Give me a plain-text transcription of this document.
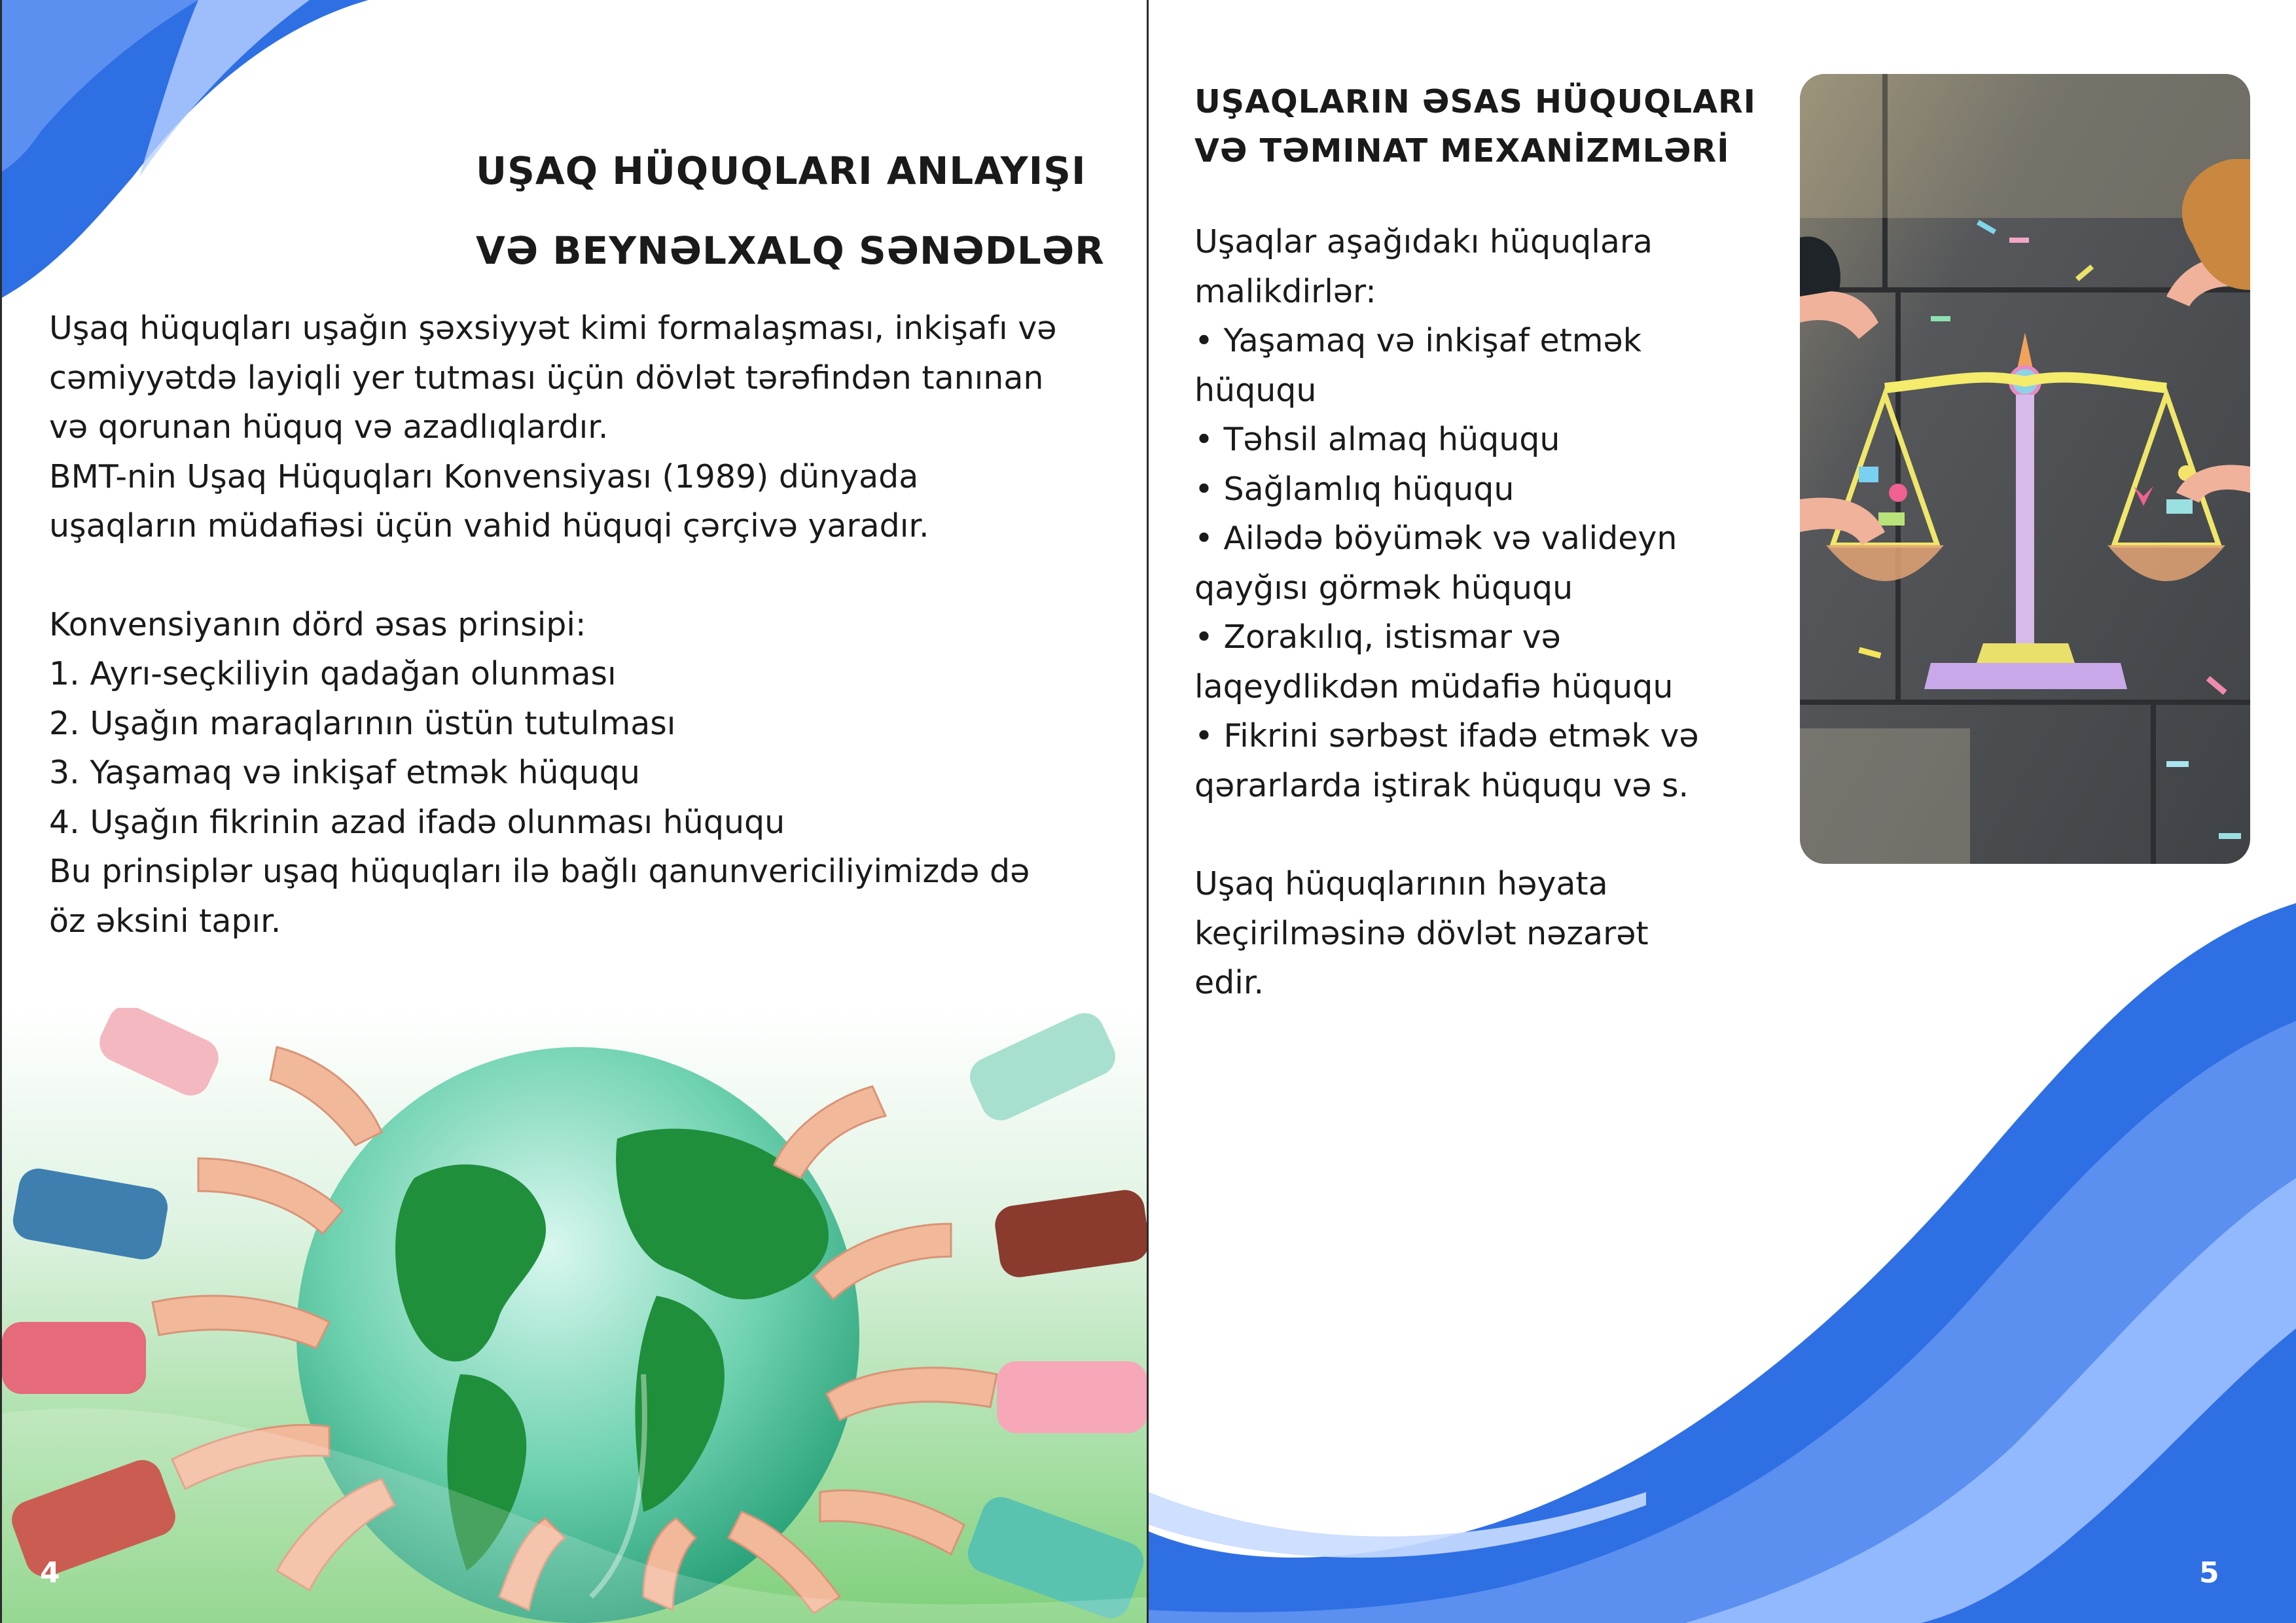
UŞAQ HÜQUQLARI ANLAYIŞI
VƏ BEYNƏLXALQ SƏNƏDLƏR

Uşaq hüquqları uşağın şəxsiyyət kimi formalaşması, inkişafı və

cəmiyyətdə layiqli yer tutması üçün dövlət tərəfindən tanınan

və qorunan hüquq və azadlıqlardır.

BMT-nin Uşaq Hüquqları Konvensiyası (1989) dünyada

uşaqların müdafiəsi üçün vahid hüquqi çərçivə yaradır.

Konvensiyanın dörd əsas prinsipi:

1. Ayrı-seçkiliyin qadağan olunması

2. Uşağın maraqlarının üstün tutulması

3. Yaşamaq və inkişaf etmək hüququ

4. Uşağın fikrinin azad ifadə olunması hüququ

Bu prinsiplər uşaq hüquqları ilə bağlı qanunvericiliyimizdə də

öz əksini tapır.

4
UŞAQLARIN ƏSAS HÜQUQLARI
VƏ TƏMINAT MEXANİZMLƏRİ

Uşaqlar aşağıdakı hüquqlara

malikdirlər:

• Yaşamaq və inkişaf etmək

hüququ

• Təhsil almaq hüququ

• Sağlamlıq hüququ

• Ailədə böyümək və valideyn

qayğısı görmək hüququ

• Zorakılıq, istismar və

laqeydlikdən müdafiə hüququ

• Fikrini sərbəst ifadə etmək və

qərarlarda iştirak hüququ və s.

Uşaq hüquqlarının həyata

keçirilməsinə dövlət nəzarət

edir.

5
